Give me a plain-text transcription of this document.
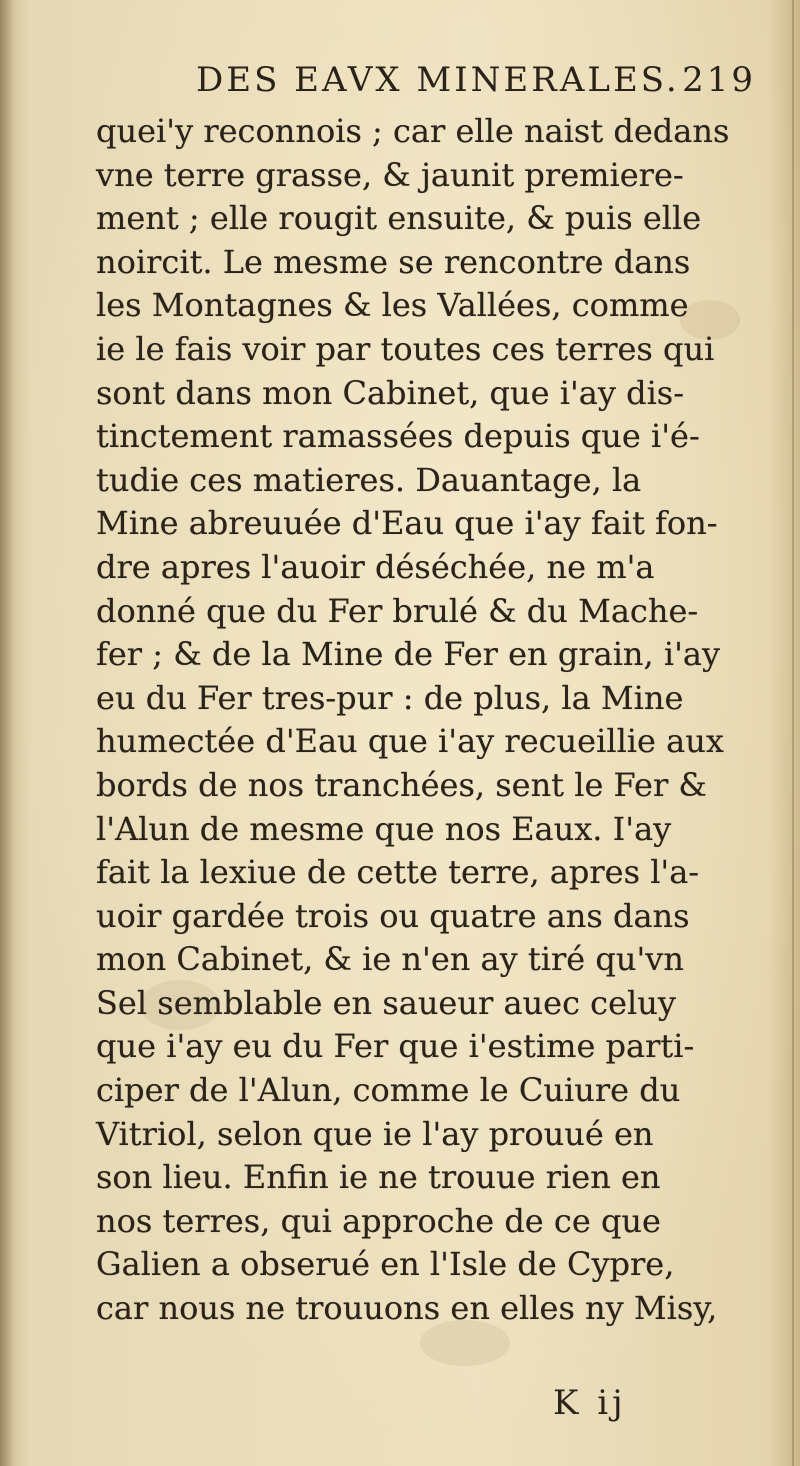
DES EAVX MINERALES. 219
quei'y reconnois ; car elle naist dedans
vne terre grasse, & jaunit premiere-
ment ; elle rougit ensuite, & puis elle
noircit. Le mesme se rencontre dans
les Montagnes & les Vallées, comme
ie le fais voir par toutes ces terres qui
sont dans mon Cabinet, que i'ay dis-
tinctement ramassées depuis que i'é-
tudie ces matieres. Dauantage, la
Mine abreuuée d'Eau que i'ay fait fon-
dre apres l'auoir déséchée, ne m'a
donné que du Fer brulé & du Mache-
fer ; & de la Mine de Fer en grain, i'ay
eu du Fer tres-pur : de plus, la Mine
humectée d'Eau que i'ay recueillie aux
bords de nos tranchées, sent le Fer &
l'Alun de mesme que nos Eaux. I'ay
fait la lexiue de cette terre, apres l'a-
uoir gardée trois ou quatre ans dans
mon Cabinet, & ie n'en ay tiré qu'vn
Sel semblable en saueur auec celuy
que i'ay eu du Fer que i'estime parti-
ciper de l'Alun, comme le Cuiure du
Vitriol, selon que ie l'ay prouué en
son lieu. Enfin ie ne trouue rien en
nos terres, qui approche de ce que
Galien a obserué en l'Isle de Cypre,
car nous ne trouuons en elles ny Misy,
K ij
